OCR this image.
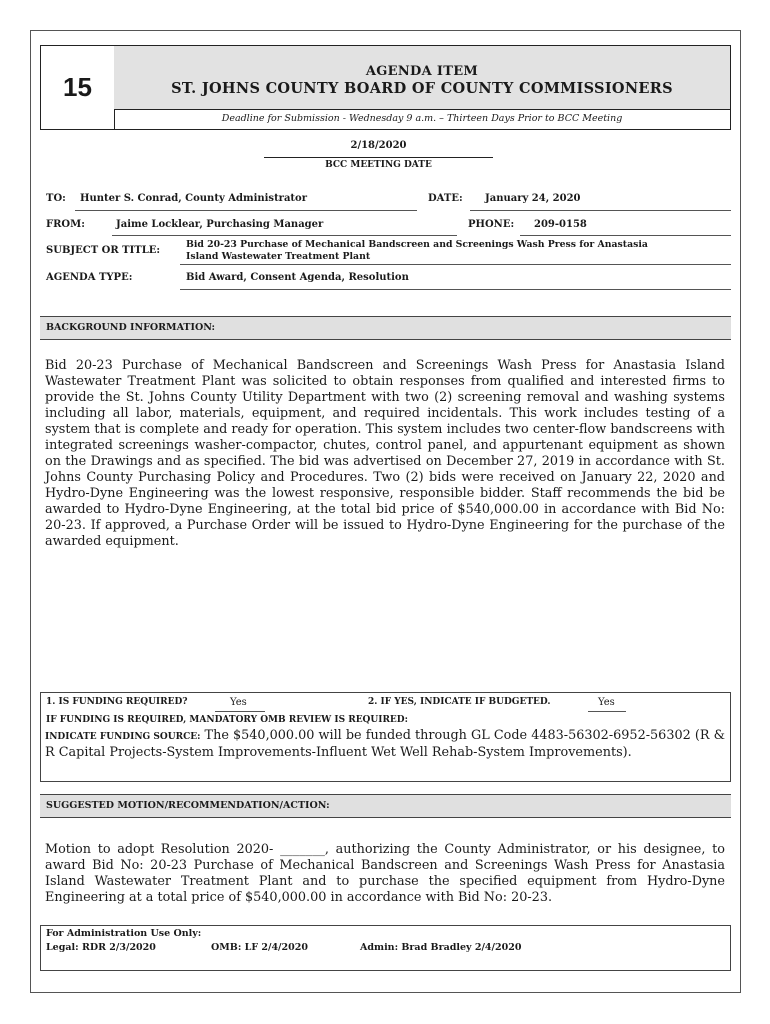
15
AGENDA ITEM
ST. JOHNS COUNTY BOARD OF COUNTY COMMISSIONERS
Deadline for Submission - Wednesday 9 a.m. – Thirteen Days Prior to BCC Meeting
2/18/2020
BCC MEETING DATE
TO: Hunter S. Conrad, County Administrator	DATE: January 24, 2020
FROM:	Jaime Locklear, Purchasing Manager	PHONE: 209-0158
SUBJECT OR TITLE:
Bid 20-23 Purchase of Mechanical Bandscreen and Screenings Wash Press for Anastasia
Island Wastewater Treatment Plant
AGENDA TYPE:	Bid Award, Consent Agenda, Resolution
BACKGROUND INFORMATION:
Bid 20-23 Purchase of Mechanical Bandscreen and Screenings Wash Press for Anastasia Island Wastewater Treatment Plant was solicited to obtain responses from qualified and interested firms to provide the St. Johns County Utility Department with two (2) screening removal and washing systems including all labor, materials, equipment, and required incidentals. This work includes testing of a system that is complete and ready for operation. This system includes two center-flow bandscreens with integrated screenings washer-compactor, chutes, control panel, and appurtenant equipment as shown on the Drawings and as specified. The bid was advertised on December 27, 2019 in accordance with St. Johns County Purchasing Policy and Procedures. Two (2) bids were received on January 22, 2020 and Hydro-Dyne Engineering was the lowest responsive, responsible bidder. Staff recommends the bid be awarded to Hydro-Dyne Engineering, at the total bid price of $540,000.00 in accordance with Bid No: 20-23. If approved, a Purchase Order will be issued to Hydro-Dyne Engineering for the purchase of the awarded equipment.
1. IS FUNDING REQUIRED?	Yes	2. IF YES, INDICATE IF BUDGETED.	Yes
IF FUNDING IS REQUIRED, MANDATORY OMB REVIEW IS REQUIRED:
INDICATE FUNDING SOURCE: The $540,000.00 will be funded through GL Code 4483-56302-6952-56302 (R & R Capital Projects-System Improvements-Influent Wet Well Rehab-System Improvements).
SUGGESTED MOTION/RECOMMENDATION/ACTION:
Motion to adopt Resolution 2020- _______, authorizing the County Administrator, or his designee, to award Bid No: 20-23 Purchase of Mechanical Bandscreen and Screenings Wash Press for Anastasia Island Wastewater Treatment Plant and to purchase the specified equipment from Hydro-Dyne Engineering at a total price of $540,000.00 in accordance with Bid No: 20-23.
For Administration Use Only:
Legal: RDR 2/3/2020	OMB: LF 2/4/2020	Admin: Brad Bradley 2/4/2020
